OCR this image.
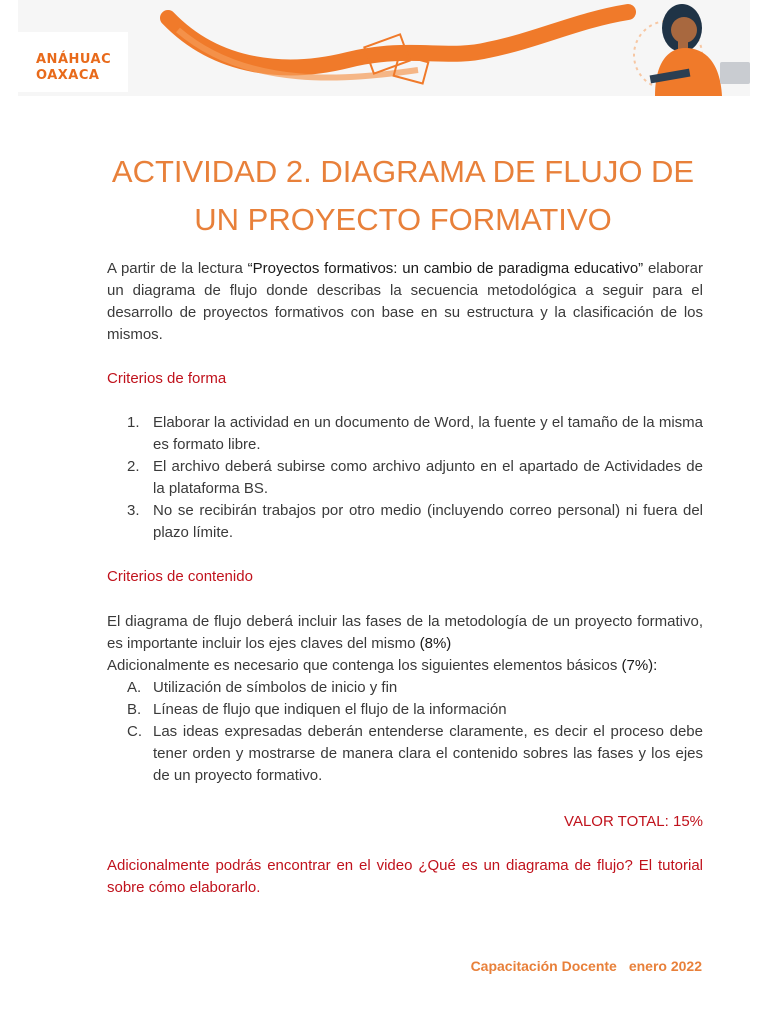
ANÁHUAC
OAXACA
ACTIVIDAD 2. DIAGRAMA DE FLUJO DE UN PROYECTO FORMATIVO
A partir de la lectura “Proyectos formativos: un cambio de paradigma educativo” elaborar un diagrama de flujo donde describas la secuencia metodológica a seguir para el desarrollo de proyectos formativos con base en su estructura y la clasificación de los mismos.
Criterios de forma
1. Elaborar la actividad en un documento de Word, la fuente y el tamaño de la misma es formato libre.
2. El archivo deberá subirse como archivo adjunto en el apartado de Actividades de la plataforma BS.
3. No se recibirán trabajos por otro medio (incluyendo correo personal) ni fuera del plazo límite.
Criterios de contenido
El diagrama de flujo deberá incluir las fases de la metodología de un proyecto formativo, es importante incluir los ejes claves del mismo (8%)
Adicionalmente es necesario que contenga los siguientes elementos básicos (7%):
A. Utilización de símbolos de inicio y fin
B. Líneas de flujo que indiquen el flujo de la información
C. Las ideas expresadas deberán entenderse claramente, es decir el proceso debe tener orden y mostrarse de manera clara el contenido sobres las fases y los ejes de un proyecto formativo.
VALOR TOTAL: 15%
Adicionalmente podrás encontrar en el video ¿Qué es un diagrama de flujo? El tutorial sobre cómo elaborarlo.
Capacitación Docente enero 2022
